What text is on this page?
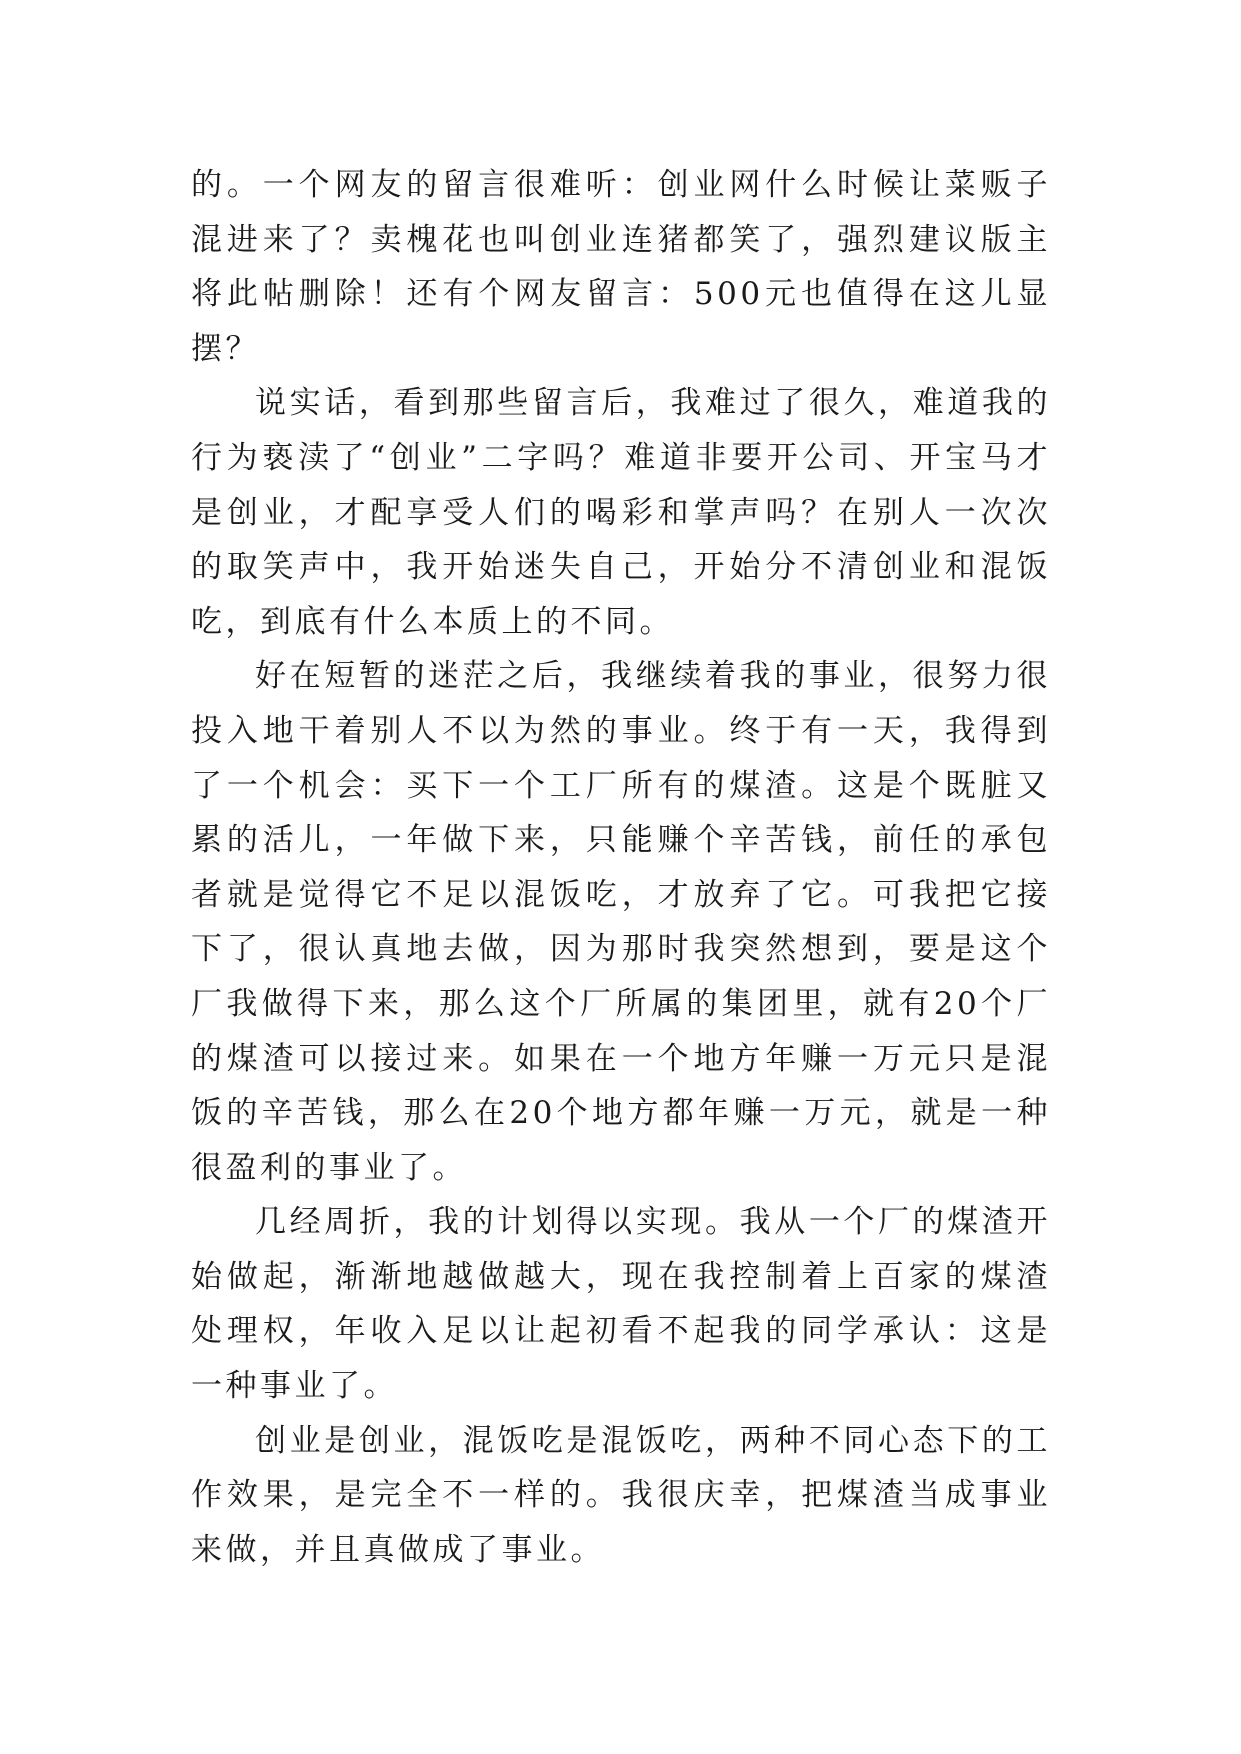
的。一个网友的留言很难听：创业网什么时候让菜贩子混进来了？卖槐花也叫创业连猪都笑了，强烈建议版主将此帖删除！还有个网友留言：500元也值得在这儿显摆？

说实话，看到那些留言后，我难过了很久，难道我的行为亵渎了“创业”二字吗？难道非要开公司、开宝马才是创业，才配享受人们的喝彩和掌声吗？在别人一次次的取笑声中，我开始迷失自己，开始分不清创业和混饭吃，到底有什么本质上的不同。

好在短暂的迷茫之后，我继续着我的事业，很努力很投入地干着别人不以为然的事业。终于有一天，我得到了一个机会：买下一个工厂所有的煤渣。这是个既脏又累的活儿，一年做下来，只能赚个辛苦钱，前任的承包者就是觉得它不足以混饭吃，才放弃了它。可我把它接下了，很认真地去做，因为那时我突然想到，要是这个厂我做得下来，那么这个厂所属的集团里，就有20个厂的煤渣可以接过来。如果在一个地方年赚一万元只是混饭的辛苦钱，那么在20个地方都年赚一万元，就是一种很盈利的事业了。

几经周折，我的计划得以实现。我从一个厂的煤渣开始做起，渐渐地越做越大，现在我控制着上百家的煤渣处理权，年收入足以让起初看不起我的同学承认：这是一种事业了。

创业是创业，混饭吃是混饭吃，两种不同心态下的工作效果，是完全不一样的。我很庆幸，把煤渣当成事业来做，并且真做成了事业。
